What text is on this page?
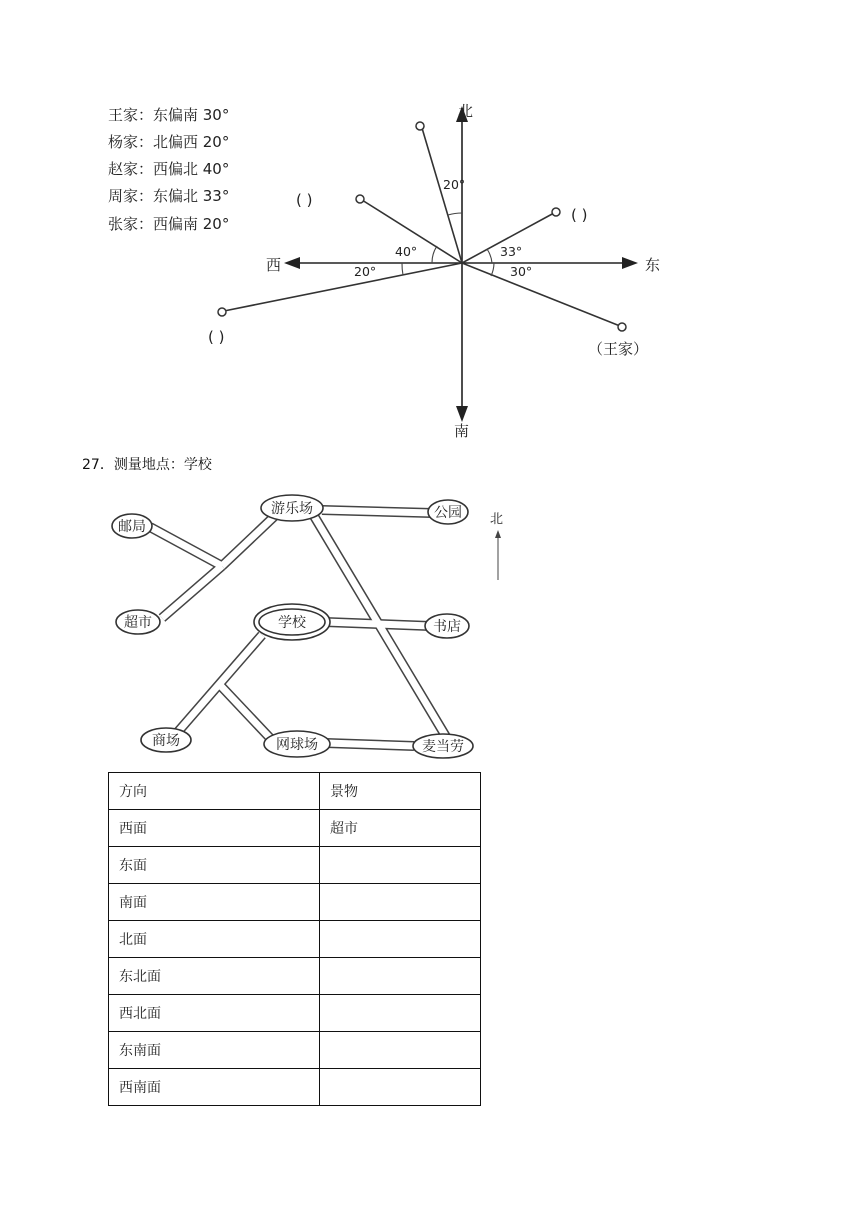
王家：东偏南 30°
杨家：北偏西 20°
赵家：西偏北 40°
周家：东偏北 33°
张家：西偏南 20°
北
南
东
西
20°
40°
20°
33°
30°
( )
( )
( )
（王家）
27．测量地点：学校
游乐场	公园
邮局
超市	学校	书店
商场	网球场	麦当劳
北
方向	景物
西面	超市
东面	
南面	
北面	
东北面	
西北面	
东南面	
西南面	
